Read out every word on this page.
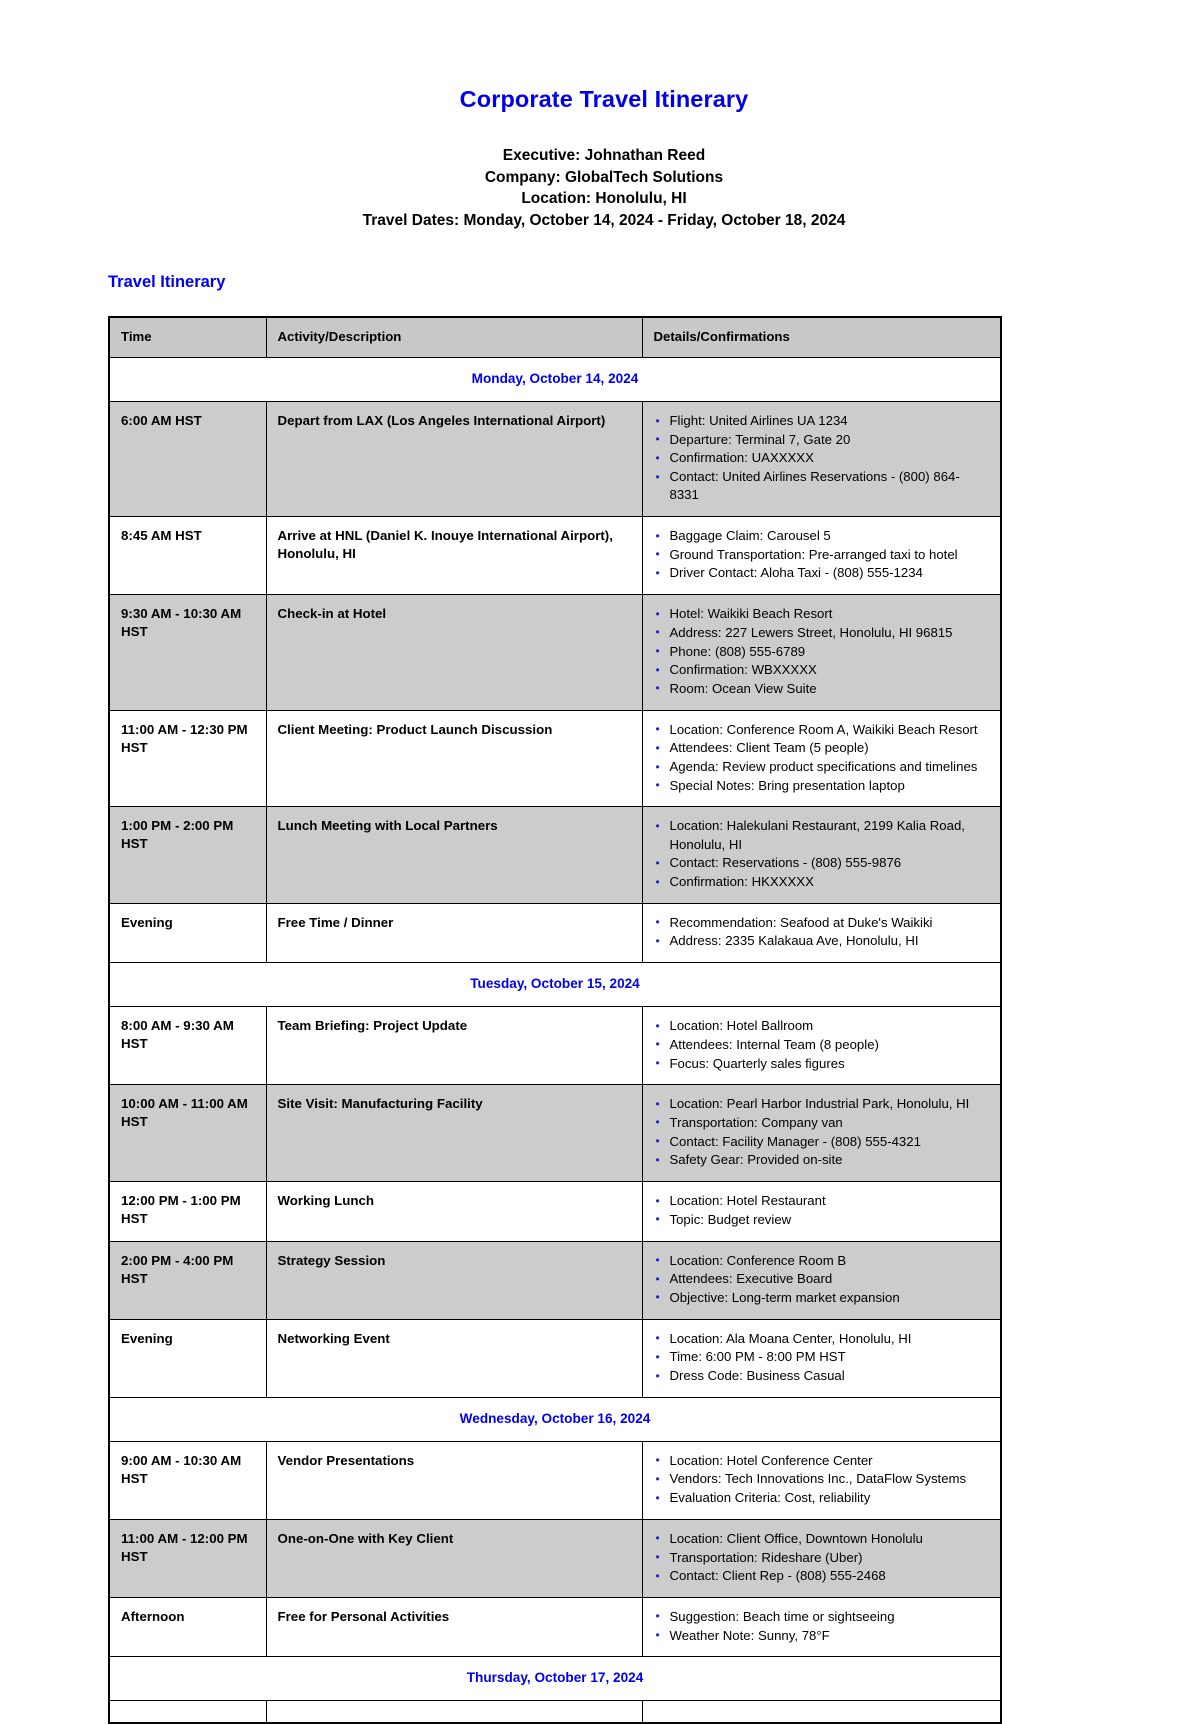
Corporate Travel Itinerary

Executive: Johnathan Reed

Company: GlobalTech Solutions

Location: Honolulu, HI

Travel Dates: Monday, October 14, 2024 - Friday, October 18, 2024

Travel Itinerary
Time	Activity/Description	Details/Confirmations
Monday, October 14, 2024		
6:00 AM HST	Depart from LAX (Los Angeles International Airport)	
•Flight: United Airlines UA 1234
• Departure: Terminal 7, Gate 20
• Confirmation: UAXXXXX
• Contact: United Airlines Reservations - (800) 864-8331

8:45 AM HST	Arrive at HNL (Daniel K. Inouye International Airport), Honolulu, HI	
• Baggage Claim: Carousel 5
• Ground Transportation: Pre-arranged taxi to hotel
• Driver Contact: Aloha Taxi - (808) 555-1234

9:30 AM - 10:30 AM HST	Check-in at Hotel	
•Hotel: Waikiki Beach Resort
• Address: 227 Lewers Street, Honolulu, HI 96815
• Phone: (808) 555-6789
• Confirmation: WBXXXXX
• Room: Ocean View Suite

11:00 AM - 12:30 PM HST	Client Meeting: Product Launch Discussion	
•Location: Conference Room A, Waikiki Beach Resort
• Attendees: Client Team (5 people)
• Agenda: Review product specifications and timelines
• Special Notes: Bring presentation laptop

1:00 PM - 2:00 PM HST	Lunch Meeting with Local Partners	
•Location: Halekulani Restaurant, 2199 Kalia Road, Honolulu, HI
• Contact: Reservations - (808) 555-9876
• Confirmation: HKXXXXX

Evening	Free Time / Dinner	
•Recommendation: Seafood at Duke's Waikiki
• Address: 2335 Kalakaua Ave, Honolulu, HI

Tuesday, October 15, 2024		
8:00 AM - 9:30 AM HST	Team Briefing: Project Update	
•Location: Hotel Ballroom
• Attendees: Internal Team (8 people)
• Focus: Quarterly sales figures

10:00 AM - 11:00 AM HST	Site Visit: Manufacturing Facility	
•Location: Pearl Harbor Industrial Park, Honolulu, HI
• Transportation: Company van
• Contact: Facility Manager - (808) 555-4321
• Safety Gear: Provided on-site

12:00 PM - 1:00 PM HST	Working Lunch	
•Location: Hotel Restaurant
• Topic: Budget review

2:00 PM - 4:00 PM HST	Strategy Session	
•Location: Conference Room B
• Attendees: Executive Board
• Objective: Long-term market expansion

Evening	Networking Event	
•Location: Ala Moana Center, Honolulu, HI
• Time: 6:00 PM - 8:00 PM HST
• Dress Code: Business Casual

Wednesday, October 16, 2024		
9:00 AM - 10:30 AM HST	Vendor Presentations	
•Location: Hotel Conference Center
• Vendors: Tech Innovations Inc., DataFlow Systems
• Evaluation Criteria: Cost, reliability

11:00 AM - 12:00 PM HST	One-on-One with Key Client	
•Location: Client Office, Downtown Honolulu
• Transportation: Rideshare (Uber)
• Contact: Client Rep - (808) 555-2468

Afternoon	Free for Personal Activities	
•Suggestion: Beach time or sightseeing
• Weather Note: Sunny, 78°F

Thursday, October 17, 2024		
